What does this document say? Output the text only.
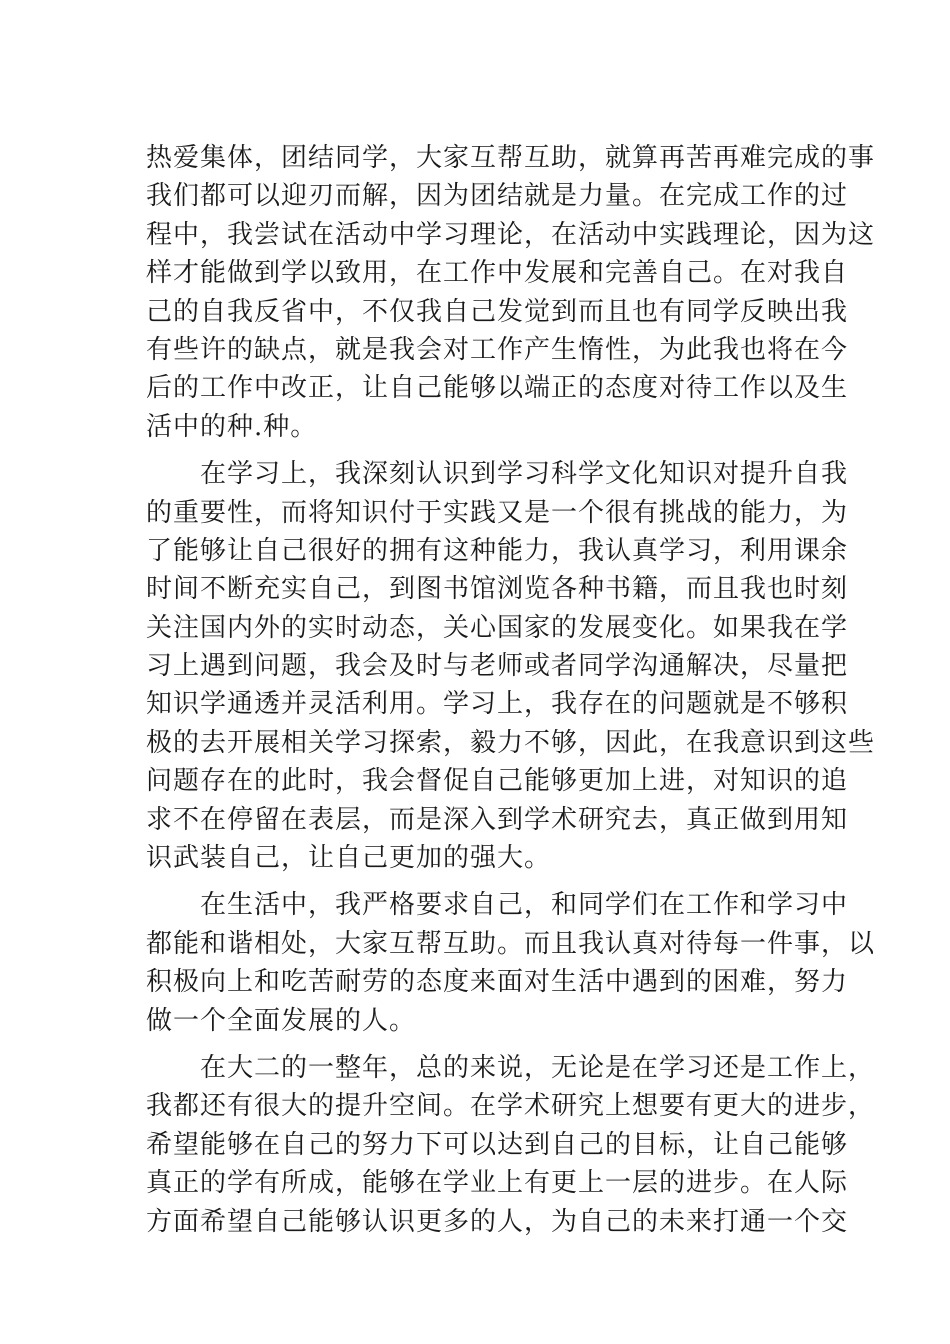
热爱集体，团结同学，大家互帮互助，就算再苦再难完成的事
我们都可以迎刃而解，因为团结就是力量。在完成工作的过
程中，我尝试在活动中学习理论，在活动中实践理论，因为这
样才能做到学以致用，在工作中发展和完善自己。在对我自
己的自我反省中，不仅我自己发觉到而且也有同学反映出我
有些许的缺点，就是我会对工作产生惰性，为此我也将在今
后的工作中改正，让自己能够以端正的态度对待工作以及生
活中的种.种。
在学习上，我深刻认识到学习科学文化知识对提升自我
的重要性，而将知识付于实践又是一个很有挑战的能力，为
了能够让自己很好的拥有这种能力，我认真学习，利用课余
时间不断充实自己，到图书馆浏览各种书籍，而且我也时刻
关注国内外的实时动态，关心国家的发展变化。如果我在学
习上遇到问题，我会及时与老师或者同学沟通解决，尽量把
知识学通透并灵活利用。学习上，我存在的问题就是不够积
极的去开展相关学习探索，毅力不够，因此，在我意识到这些
问题存在的此时，我会督促自己能够更加上进，对知识的追
求不在停留在表层，而是深入到学术研究去，真正做到用知
识武装自己，让自己更加的强大。
在生活中，我严格要求自己，和同学们在工作和学习中
都能和谐相处，大家互帮互助。而且我认真对待每一件事，以
积极向上和吃苦耐劳的态度来面对生活中遇到的困难，努力
做一个全面发展的人。
在大二的一整年，总的来说，无论是在学习还是工作上，
我都还有很大的提升空间。在学术研究上想要有更大的进步，
希望能够在自己的努力下可以达到自己的目标，让自己能够
真正的学有所成，能够在学业上有更上一层的进步。在人际
方面希望自己能够认识更多的人，为自己的未来打通一个交
